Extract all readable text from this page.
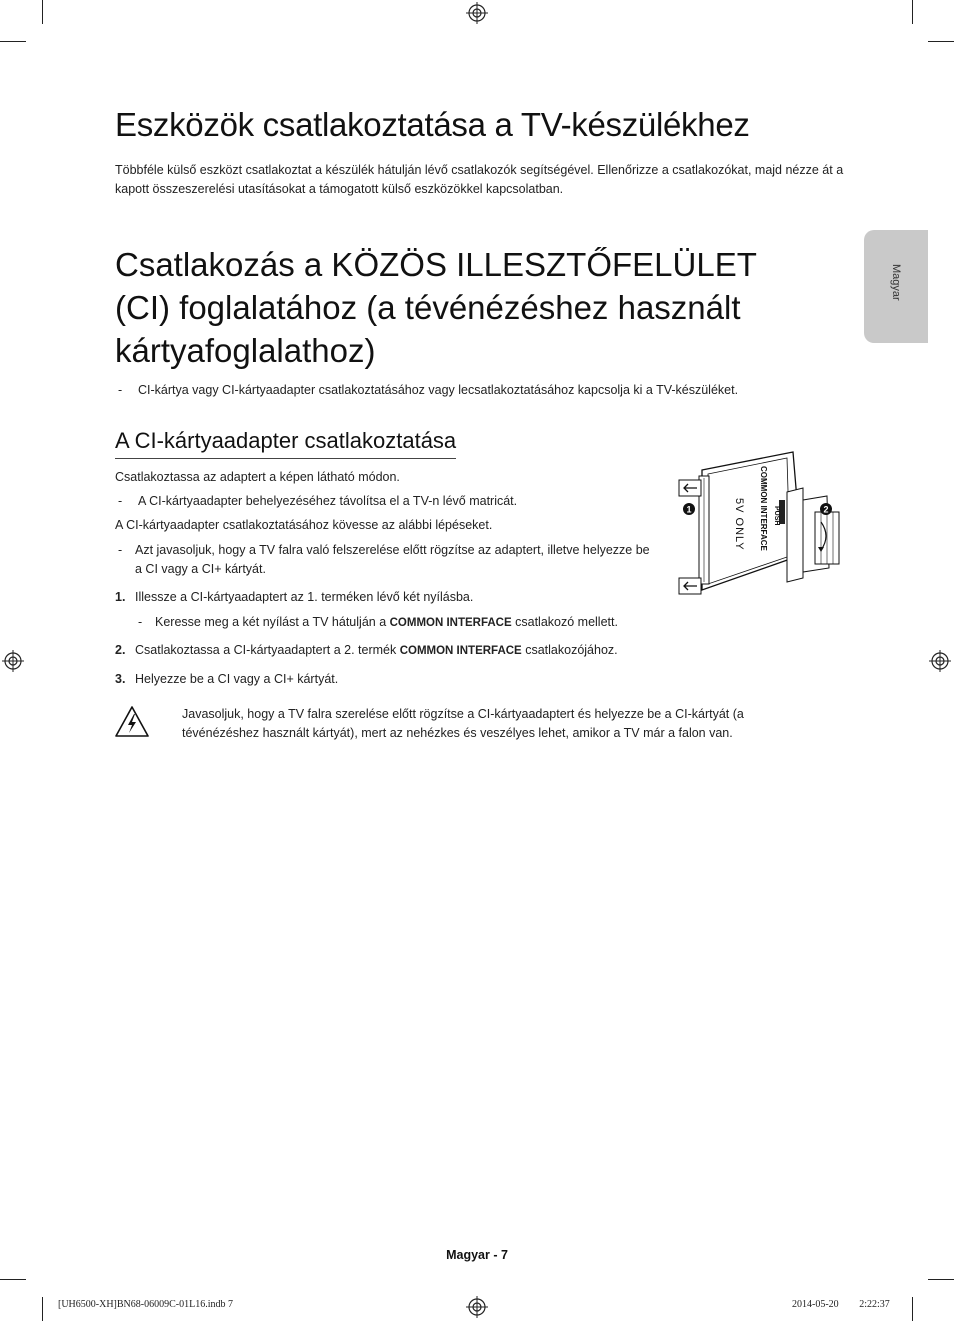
Magyar
Eszközök csatlakoztatása a TV-készülékhez

Többféle külső eszközt csatlakoztat a készülék hátulján lévő csatlakozók segítségével. Ellenőrizze a csatlakozókat, majd nézze át a kapott összeszerelési utasításokat a támogatott külső eszközökkel kapcsolatban.

Csatlakozás a KÖZÖS ILLESZTŐFELÜLET (CI) foglalatához (a tévénézéshez használt kártyafoglalathoz)
- CI-kártya vagy CI-kártyaadapter csatlakoztatásához vagy lecsatlakoztatásához kapcsolja ki a TV-készüléket.
A CI-kártyaadapter csatlakoztatása
Csatlakoztassa az adaptert a képen látható módon.
- A CI-kártyaadapter behelyezéséhez távolítsa el a TV-n lévő matricát.
A CI-kártyaadapter csatlakoztatásához kövesse az alábbi lépéseket.
- Azt javasoljuk, hogy a TV falra való felszerelése előtt rögzítse az adaptert, illetve helyezze be a CI vagy a CI+ kártyát.
1. Illessze a CI-kártyaadaptert az 1. terméken lévő két nyílásba.
- Keresse meg a két nyílást a TV hátulján a COMMON INTERFACE csatlakozó mellett.
2. Csatlakoztassa a CI-kártyaadaptert a 2. termék COMMON INTERFACE csatlakozójához.
3. Helyezze be a CI vagy a CI+ kártyát.
Javasoljuk, hogy a TV falra szerelése előtt rögzítse a CI-kártyaadaptert és helyezze be a CI-kártyát (a tévénézéshez használt kártyát), mert az nehézkes és veszélyes lehet, amikor a TV már a falon van.
1	2
COMMON INTERFACE
5V ONLY	PUSH
Magyar - 7
[UH6500-XH]BN68-06009C-01L16.indb 7	2014-05-20 ￿￿ 2:22:37
